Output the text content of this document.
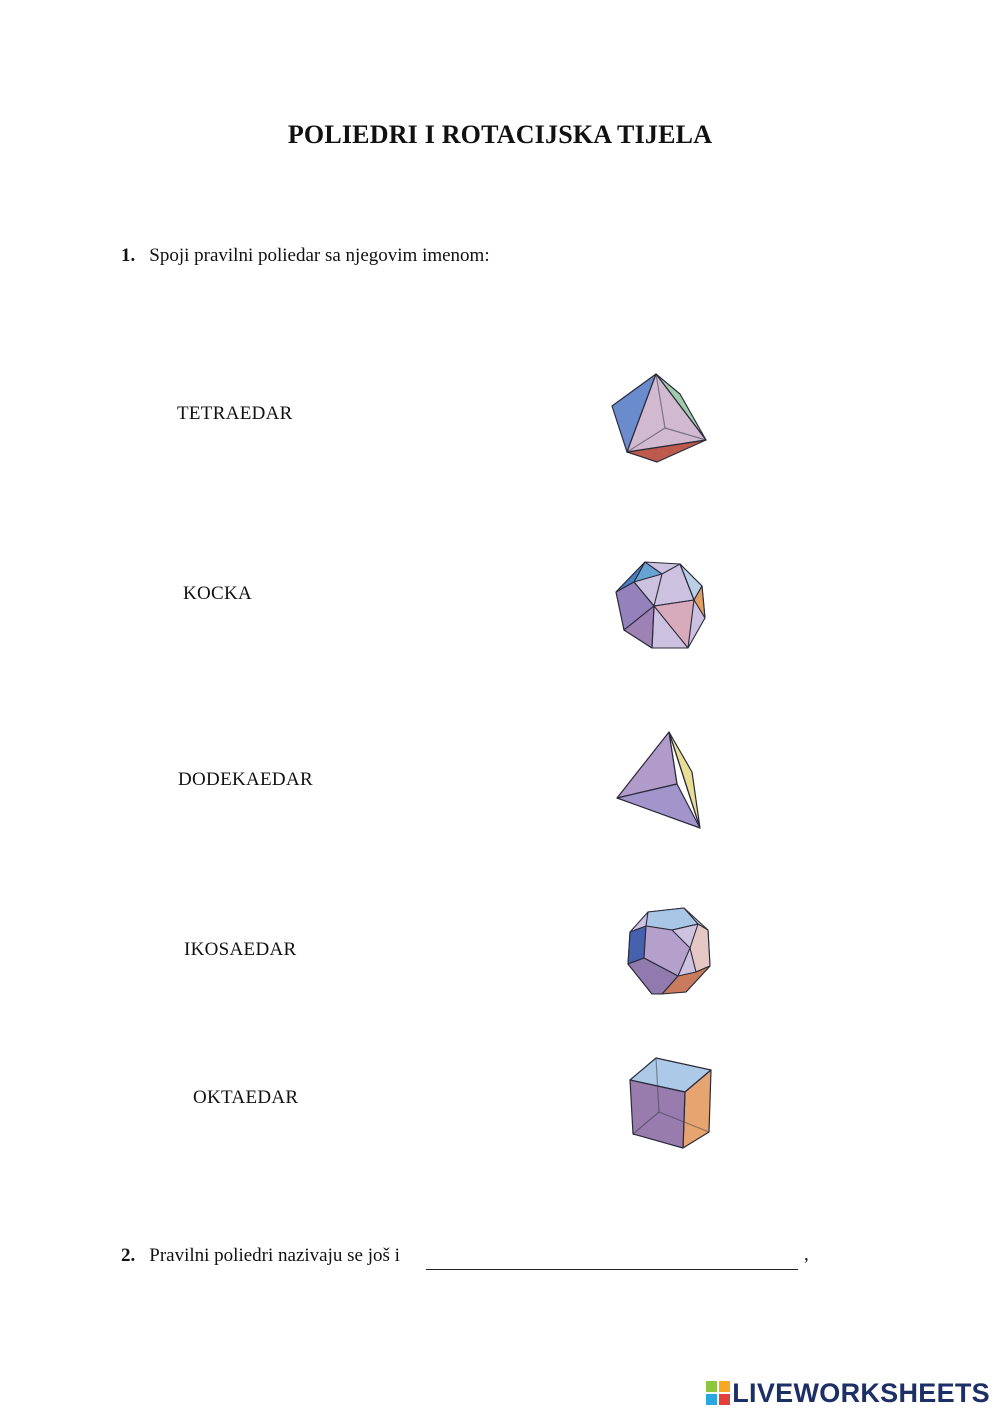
POLIEDRI I ROTACIJSKA TIJELA
1. Spoji pravilni poliedar sa njegovim imenom:
TETRAEDAR
KOCKA
DODEKAEDAR
IKOSAEDAR
OKTAEDAR
2. Pravilni poliedri nazivaju se još i	,
LIVEWORKSHEETS
